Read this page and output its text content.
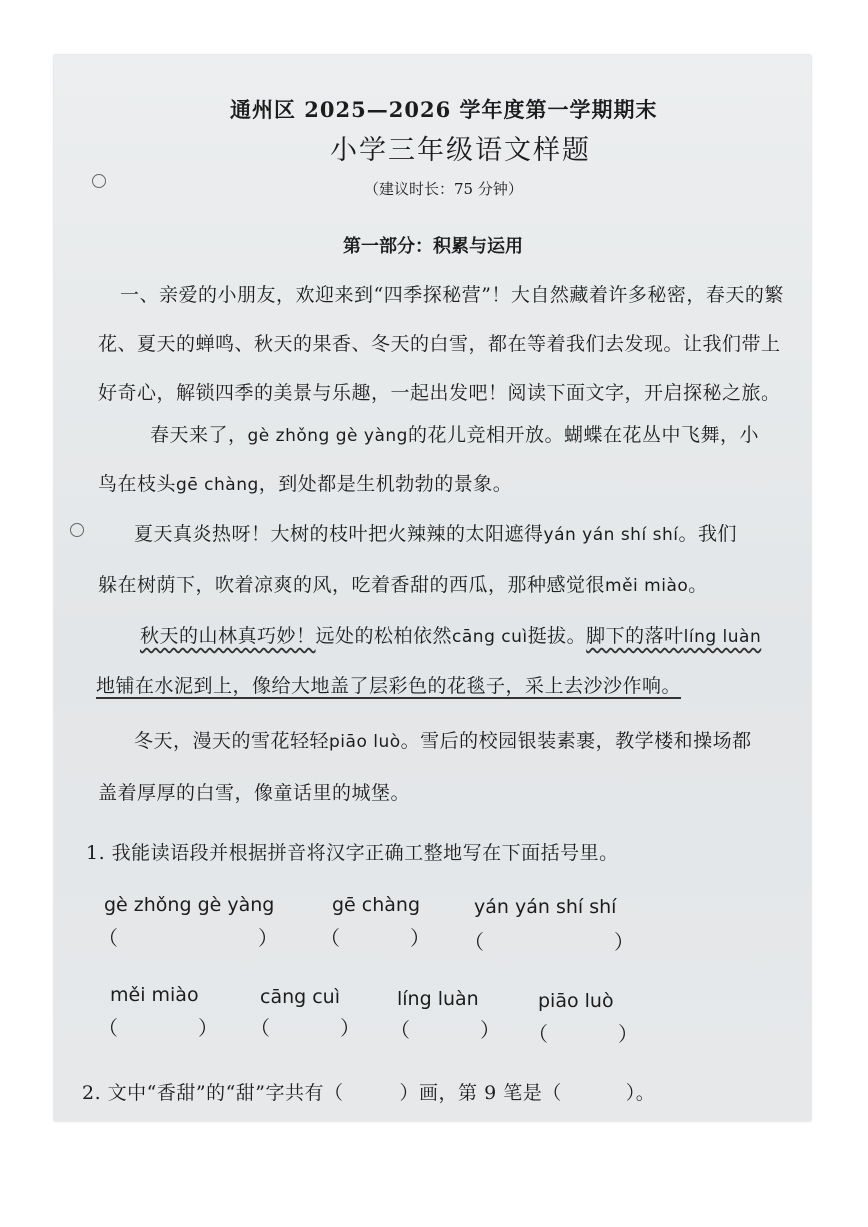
通州区 2025—2026 学年度第一学期期末
小学三年级语文样题
（建议时长：75 分钟）
第一部分：积累与运用
一、亲爱的小朋友，欢迎来到“四季探秘营”！大自然藏着许多秘密，春天的繁
花、夏天的蝉鸣、秋天的果香、冬天的白雪，都在等着我们去发现。让我们带上
好奇心，解锁四季的美景与乐趣，一起出发吧！阅读下面文字，开启探秘之旅。
春天来了，gè zhǒng gè yàng的花儿竞相开放。蝴蝶在花丛中飞舞，小
鸟在枝头gē chàng，到处都是生机勃勃的景象。
夏天真炎热呀！大树的枝叶把火辣辣的太阳遮得yán yán shí shí。我们
躲在树荫下，吹着凉爽的风，吃着香甜的西瓜，那种感觉很měi miào。
秋天的山林真巧妙！远处的松柏依然cāng cuì挺拔。脚下的落叶líng luàn
地铺在水泥到上，像给大地盖了层彩色的花毯子，采上去沙沙作响。
冬天，漫天的雪花轻轻piāo luò。雪后的校园银装素裹，教学楼和操场都
盖着厚厚的白雪，像童话里的城堡。
1. 我能读语段并根据拼音将汉字正确工整地写在下面括号里。
gè zhǒng gè yàng
（	）
gē chàng
（	）
yán yán shí shí
（	）
měi miào
（	）
cāng cuì
（	）
líng luàn
（	）
piāo luò
（	）
2. 文中“香甜”的“甜”字共有（	）画，第 9 笔是（	）。
